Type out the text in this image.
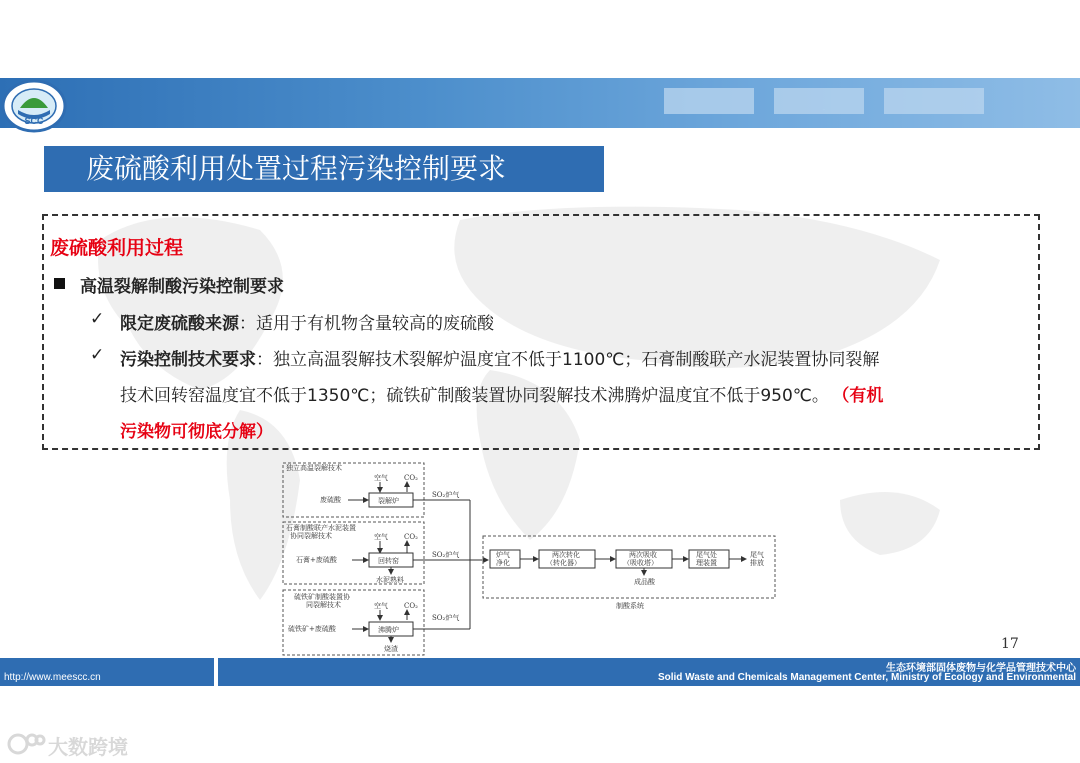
SCC
MEE
废硫酸利用处置过程污染控制要求
废硫酸利用过程
高温裂解制酸污染控制要求
✓ 限定废硫酸来源：适用于有机物含量较高的废硫酸
✓ 污染控制技术要求：独立高温裂解技术裂解炉温度宜不低于1100℃；石膏制酸联产水泥装置协同裂解
技术回转窑温度宜不低于1350℃；硫铁矿制酸装置协同裂解技术沸腾炉温度宜不低于950℃。 （有机
污染物可彻底分解）
独立高温裂解技术
空气 CO₂
废硫酸	裂解炉
SO₂炉气
石膏制酸联产水泥装置
协同裂解技术	空气 CO₂
石膏+废硫酸	回转窑
水泥熟料
SO₂炉气
硫铁矿制酸装置协
同裂解技术	空气 CO₂
硫铁矿+废硫酸	沸腾炉
烧渣
SO₂炉气
炉气
净化
两次转化
（转化器）
两次吸收
（吸收塔）
尾气处
理装置
尾气
排放
成品酸
制酸系统
17
http://www.meescc.cn
生态环境部固体废物与化学品管理技术中心
Solid Waste and Chemicals Management Center, Ministry of Ecology and Environmental
大数跨境
